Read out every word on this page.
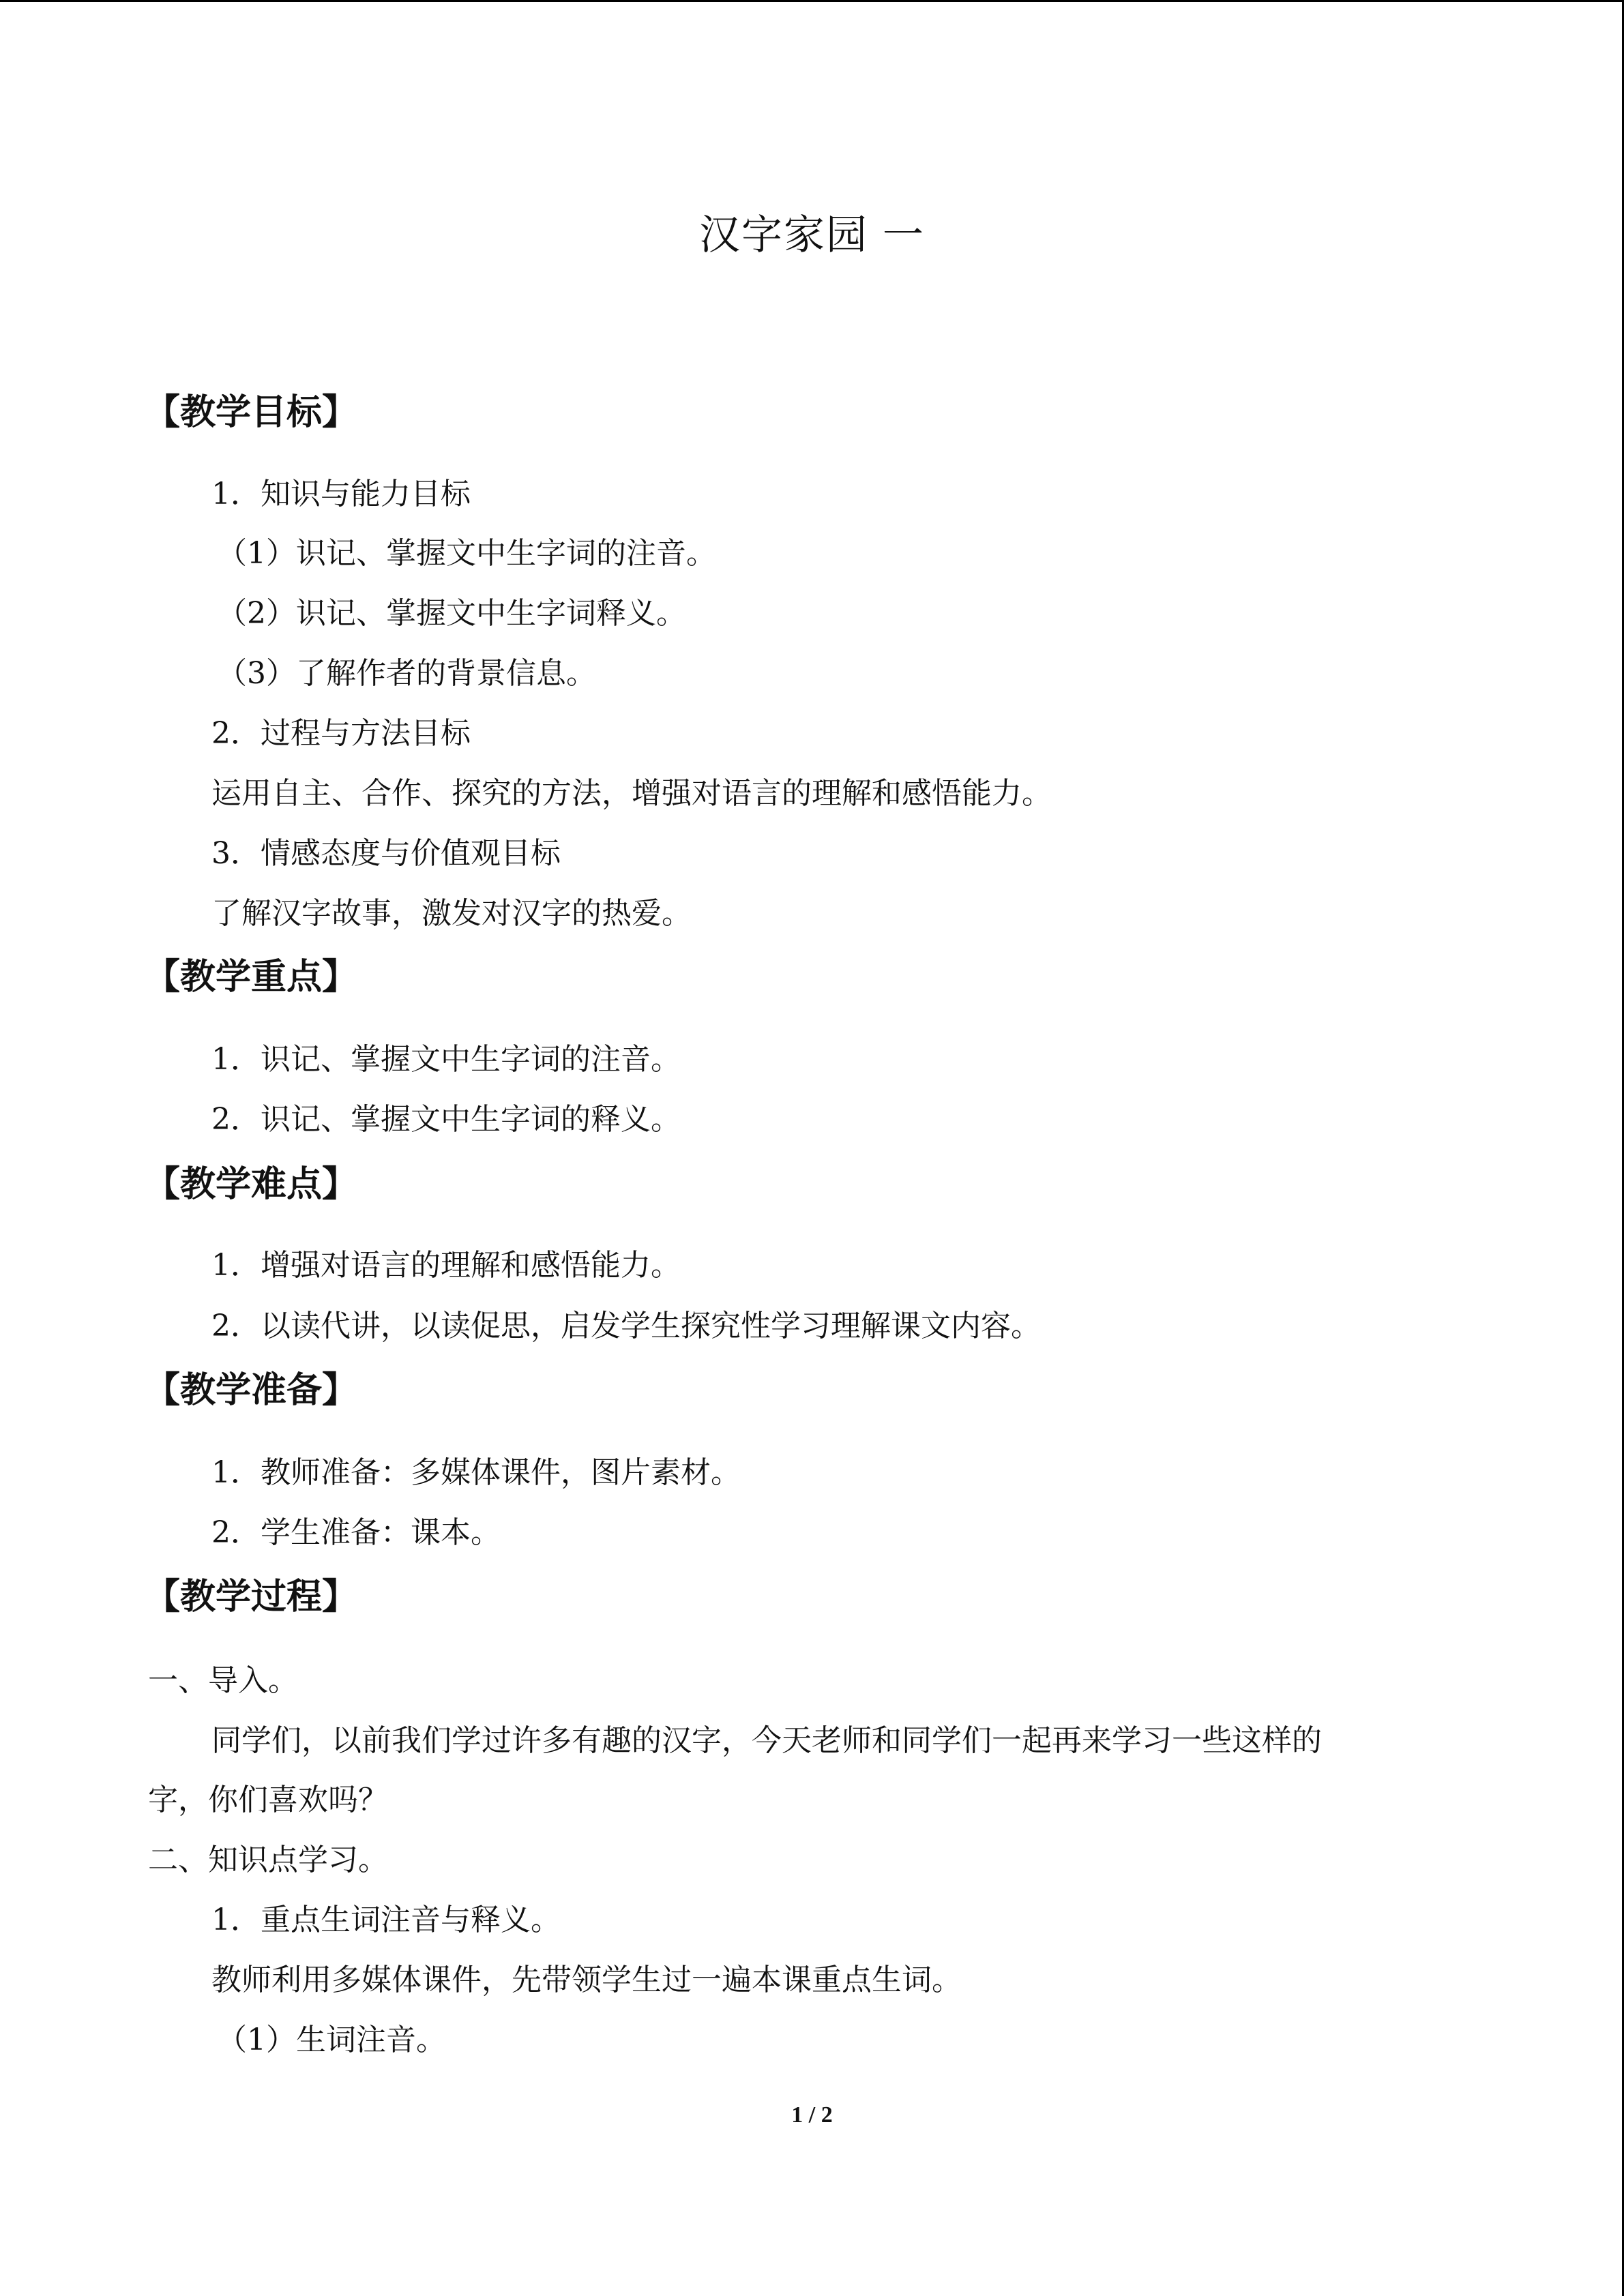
汉字家园 一
【教学目标】
1．知识与能力目标
（1）识记、掌握文中生字词的注音。
（2）识记、掌握文中生字词释义。
（3）了解作者的背景信息。
2．过程与方法目标
运用自主、合作、探究的方法，增强对语言的理解和感悟能力。
3．情感态度与价值观目标
了解汉字故事，激发对汉字的热爱。
【教学重点】
1．识记、掌握文中生字词的注音。
2．识记、掌握文中生字词的释义。
【教学难点】
1．增强对语言的理解和感悟能力。
2．以读代讲，以读促思，启发学生探究性学习理解课文内容。
【教学准备】
1．教师准备：多媒体课件，图片素材。
2．学生准备：课本。
【教学过程】
一、导入。
同学们，以前我们学过许多有趣的汉字，今天老师和同学们一起再来学习一些这样的
字，你们喜欢吗？
二、知识点学习。
1．重点生词注音与释义。
教师利用多媒体课件，先带领学生过一遍本课重点生词。
（1）生词注音。
1 / 2
